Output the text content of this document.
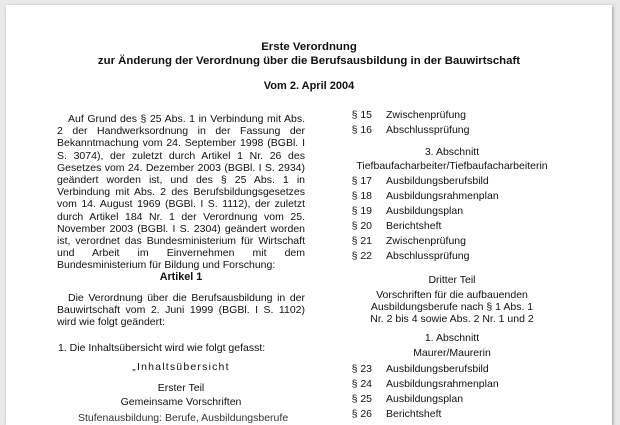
Erste Verordnung
zur Änderung der Verordnung über die Berufsausbildung in der Bauwirtschaft
Vom 2. April 2004
Auf Grund des § 25 Abs. 1 in Verbindung mit Abs. 2 der Handwerksordnung in der Fassung der Bekanntmachung vom 24. September 1998 (BGBl. I S. 3074), der zuletzt durch Artikel 1 Nr. 26 des Gesetzes vom 24. Dezember 2003 (BGBl. I S. 2934) geändert worden ist, und des § 25 Abs. 1 in Verbindung mit Abs. 2 des Berufsbildungsgesetzes vom 14. August 1969 (BGBl. I S. 1112), der zuletzt durch Artikel 184 Nr. 1 der Verordnung vom 25. November 2003 (BGBl. I S. 2304) geändert worden ist, verordnet das Bundesministerium für Wirtschaft und Arbeit im Einvernehmen mit dem Bundesministerium für Bildung und Forschung:
Artikel 1
Die Verordnung über die Berufsausbildung in der Bauwirtschaft vom 2. Juni 1999 (BGBl. I S. 1102) wird wie folgt geändert:
1. Die Inhaltsübersicht wird wie folgt gefasst:
„Inhaltsübersicht
Erster Teil
Gemeinsame Vorschriften
Stufenausbildung: Berufe, Ausbildungsberufe
§ 15 Zwischenprüfung
§ 16 Abschlussprüfung
3. Abschnitt
Tiefbaufacharbeiter/Tiefbaufacharbeiterin
§ 17 Ausbildungsberufsbild
§ 18 Ausbildungsrahmenplan
§ 19 Ausbildungsplan
§ 20 Berichtsheft
§ 21 Zwischenprüfung
§ 22 Abschlussprüfung
Dritter Teil
Vorschriften für die aufbauenden
Ausbildungsberufe nach § 1 Abs. 1
Nr. 2 bis 4 sowie Abs. 2 Nr. 1 und 2
1. Abschnitt
Maurer/Maurerin
§ 23 Ausbildungsberufsbild
§ 24 Ausbildungsrahmenplan
§ 25 Ausbildungsplan
§ 26 Berichtsheft
